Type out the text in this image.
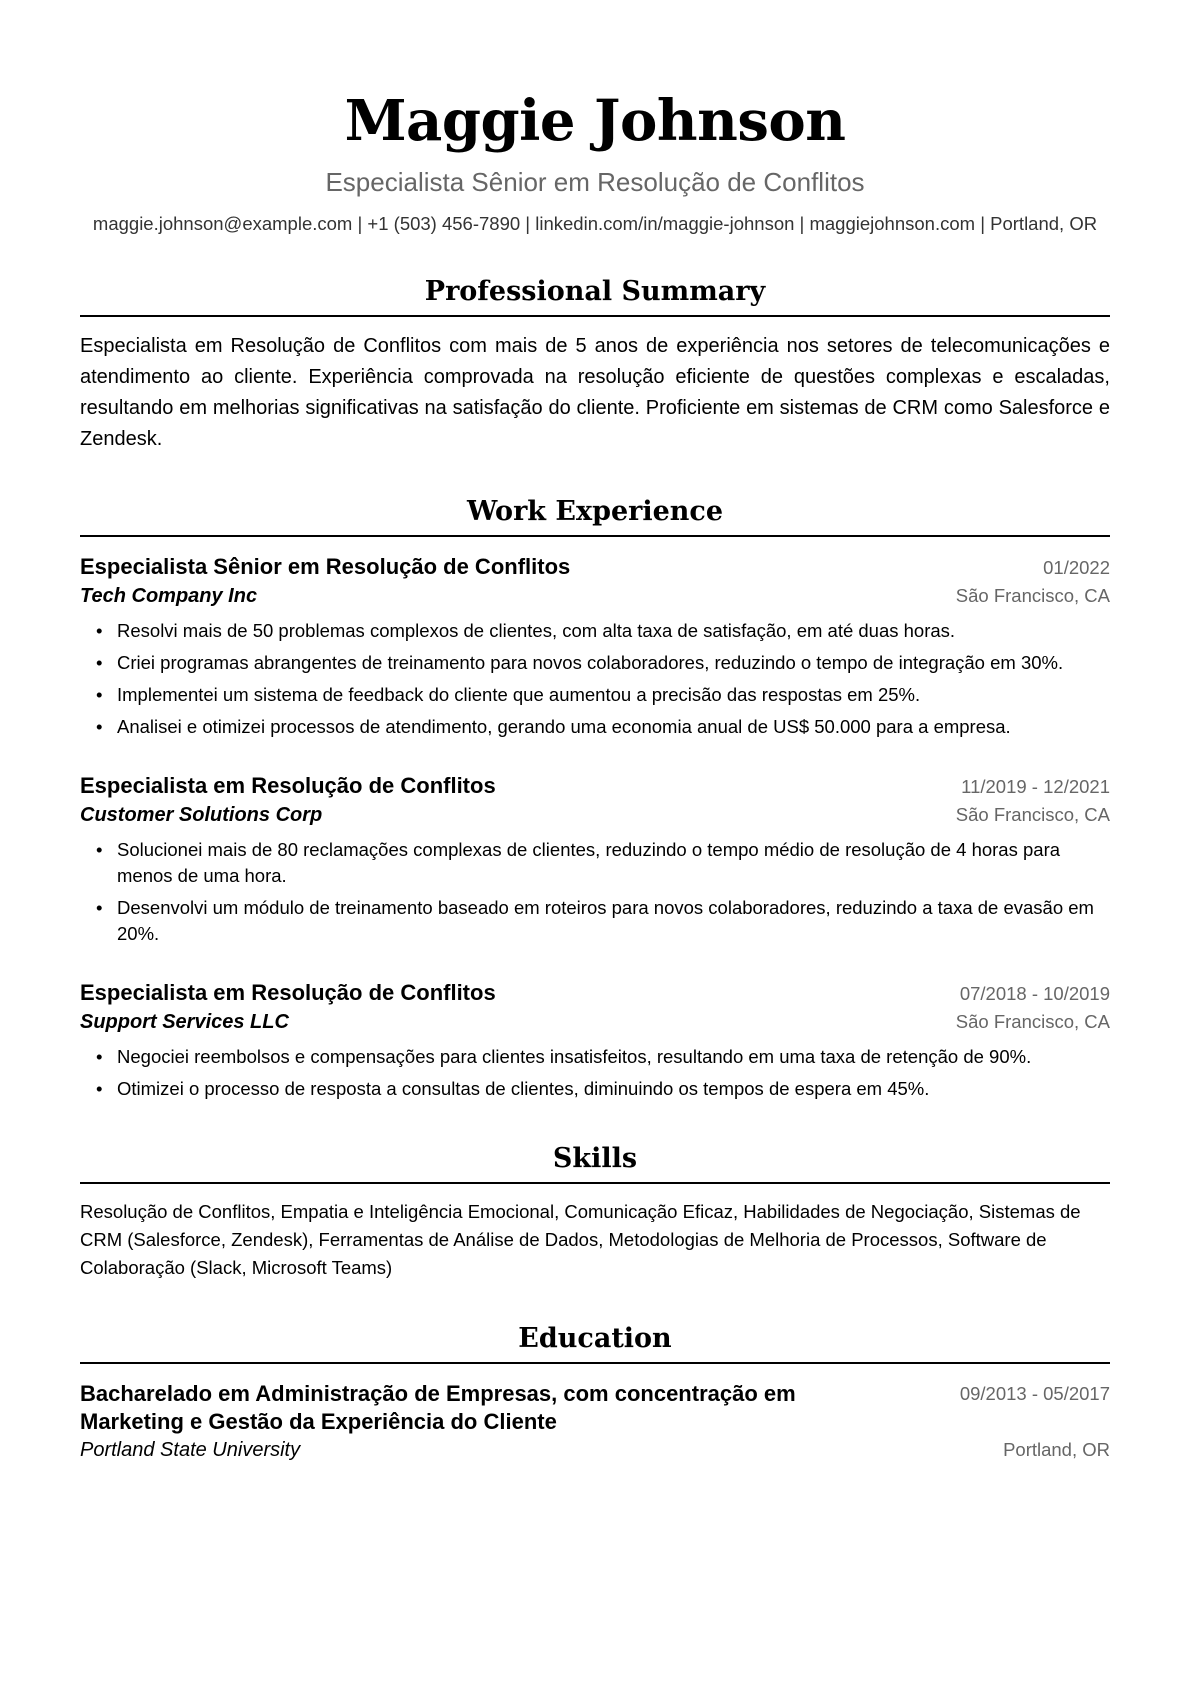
Maggie Johnson
Especialista Sênior em Resolução de Conflitos
maggie.johnson@example.com | +1 (503) 456-7890 | linkedin.com/in/maggie-johnson | maggiejohnson.com | Portland, OR
Professional Summary

Especialista em Resolução de Conflitos com mais de 5 anos de experiência nos setores de telecomunicações e atendimento ao cliente. Experiência comprovada na resolução eficiente de questões complexas e escaladas, resultando em melhorias significativas na satisfação do cliente. Proficiente em sistemas de CRM como Salesforce e Zendesk.

Work Experience
Especialista Sênior em Resolução de Conflitos	01/2022
Tech Company Inc	São Francisco, CA
• Resolvi mais de 50 problemas complexos de clientes, com alta taxa de satisfação, em até duas horas.
• Criei programas abrangentes de treinamento para novos colaboradores, reduzindo o tempo de integração em 30%.
• Implementei um sistema de feedback do cliente que aumentou a precisão das respostas em 25%.
• Analisei e otimizei processos de atendimento, gerando uma economia anual de US$ 50.000 para a empresa.
Especialista em Resolução de Conflitos	11/2019 - 12/2021
Customer Solutions Corp	São Francisco, CA
• Solucionei mais de 80 reclamações complexas de clientes, reduzindo o tempo médio de resolução de 4 horas para menos de uma hora.
• Desenvolvi um módulo de treinamento baseado em roteiros para novos colaboradores, reduzindo a taxa de evasão em 20%.
Especialista em Resolução de Conflitos	07/2018 - 10/2019
Support Services LLC	São Francisco, CA
• Negociei reembolsos e compensações para clientes insatisfeitos, resultando em uma taxa de retenção de 90%.
• Otimizei o processo de resposta a consultas de clientes, diminuindo os tempos de espera em 45%.
Skills

Resolução de Conflitos, Empatia e Inteligência Emocional, Comunicação Eficaz, Habilidades de Negociação, Sistemas de CRM (Salesforce, Zendesk), Ferramentas de Análise de Dados, Metodologias de Melhoria de Processos, Software de Colaboração (Slack, Microsoft Teams)

Education
Bacharelado em Administração de Empresas, com concentração em Marketing e Gestão da Experiência do Cliente
09/2013 - 05/2017
Portland State University	Portland, OR
